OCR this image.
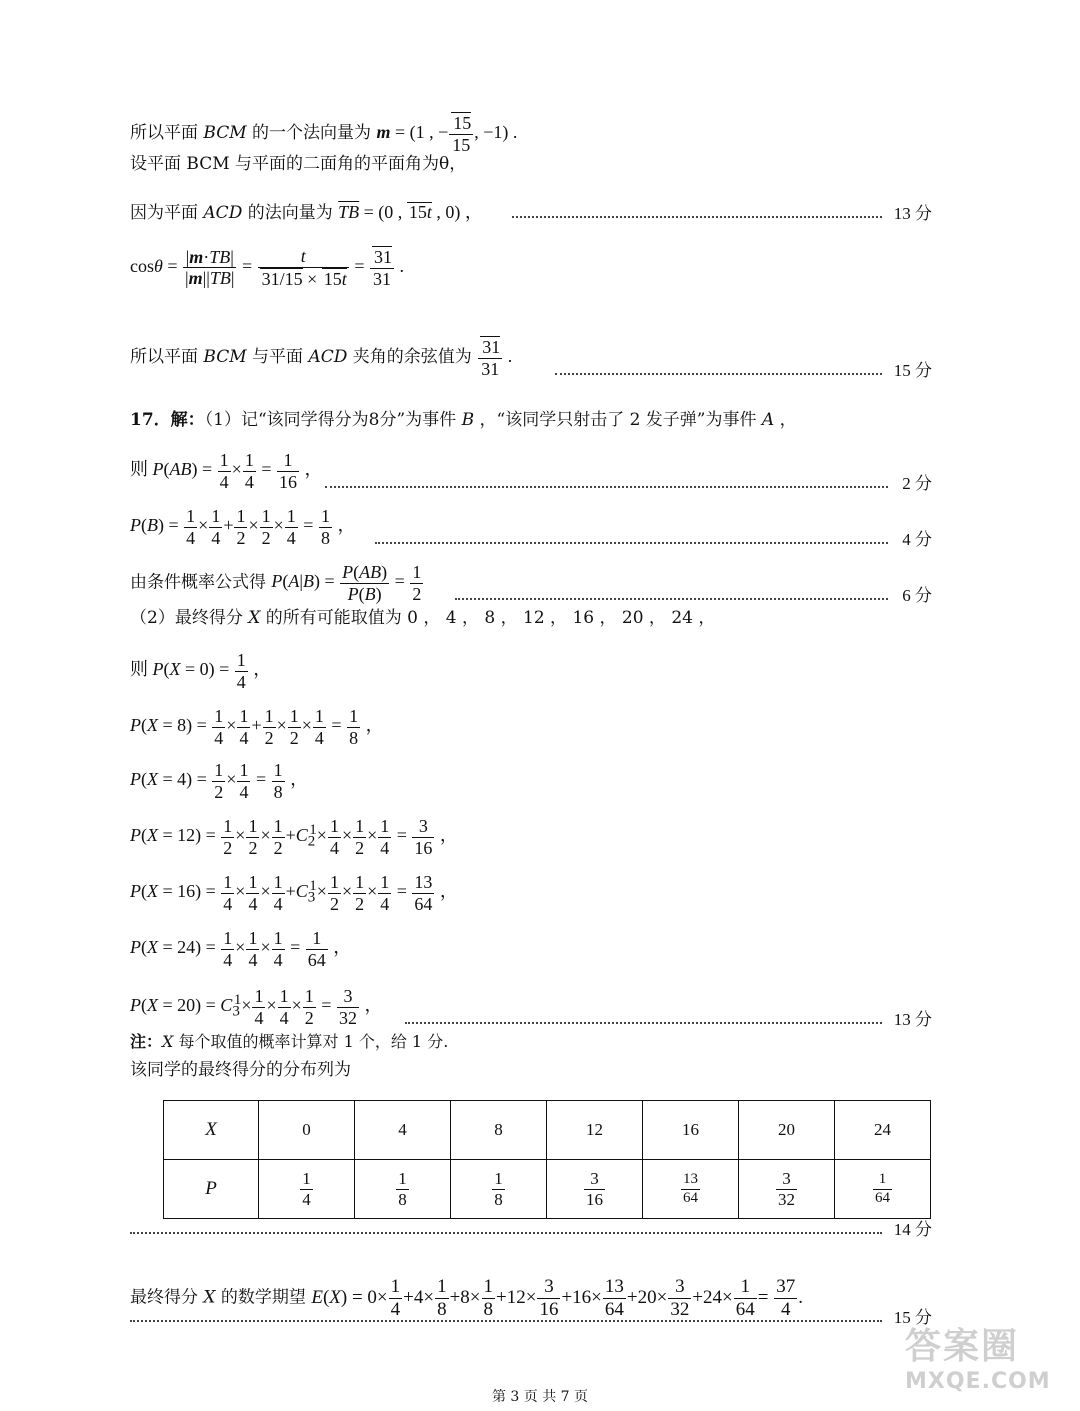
所以平面 BCM 的一个法向量为 m = (1 , − $\frac{15}{15}$ , −1) .
设平面 BCM 与平面的二面角的平面角为θ，
因为平面 ACD 的法向量为 $\overline{TB} = (0$ , 15t , 0) ，	13 分
$\cos\theta = \frac{|m\cdot TB|}{|m||TB|} = \frac{t}{31/15 \times 15t} = \frac{31}{31}$ .
所以平面 BCM 与平面 ACD 夹角的余弦值为 $\frac{31}{31}$ .
15 分
17．解：（1）记“该同学得分为8分”为事件 B ，“该同学只射击了 2 发子弹”为事件 A ，
则 $P(AB) = \frac{1}{4} \times \frac{1}{4} = \frac{1}{16}$ ，
2 分
$P(B) = \frac{1}{4} \times \frac{1}{4} + \frac{1}{2} \times \frac{1}{2} \times \frac{1}{4} = \frac{1}{8}$ ，
4 分
由条件概率公式得 $P(A|B) = \frac{P(AB)}{P(B)} = \frac{1}{2}$	6 分
（2）最终得分 X 的所有可能取值为 0 ， 4 ， 8 ， 12 ， 16 ， 20 ， 24 ，
则 $P(X = 0) = \frac{1}{4}$ ，
$P(X = 8) = \frac{1}{4} \times \frac{1}{4} + \frac{1}{2} \times \frac{1}{2} \times \frac{1}{4} = \frac{1}{8}$ ，
$P(X = 4) = \frac{1}{2} \times \frac{1}{4} = \frac{1}{8}$ ，
$P(X = 12) = \frac{1}{2} \times \frac{1}{2} \times \frac{1}{2} +C_2^1\times \frac{1}{4} \times \frac{1}{2} \times \frac{1}{4} = \frac{3}{16}$ ，
$P(X = 16) = \frac{1}{4} \times \frac{1}{4} \times \frac{1}{4} +C_3^1\times \frac{1}{2} \times \frac{1}{2} \times \frac{1}{4} = \frac{13}{64}$ ，
$P(X = 24) = \frac{1}{4} \times \frac{1}{4} \times \frac{1}{4} = \frac{1}{64}$ ，
$P(X = 20) = C_3^1\times \frac{1}{4} \times \frac{1}{4} \times \frac{1}{2} = \frac{3}{32}$ ，
13 分
注：X 每个取值的概率计算对 1 个，给 1 分.
该同学的最终得分的分布列为
X	0	4	8	12	16	20	24
P	$\frac{1}{4}$	$\frac{1}{8}$	$\frac{1}{8}$	$\frac{3}{16}$	$\frac{13}{64}$	$\frac{3}{32}$	$\frac{1}{64}$
14 分
最终得分 X 的数学期望 $E(X) = 0\times \frac{1}{4} +4\times \frac{1}{8} +8\times \frac{1}{8} +12\times \frac{3}{16} +16\times \frac{13}{64} +20\times \frac{3}{32} +24\times \frac{1}{64} = \frac{37}{4}$ .
15 分
答案圈
MXQE.COM
第 3 页 共 7 页
